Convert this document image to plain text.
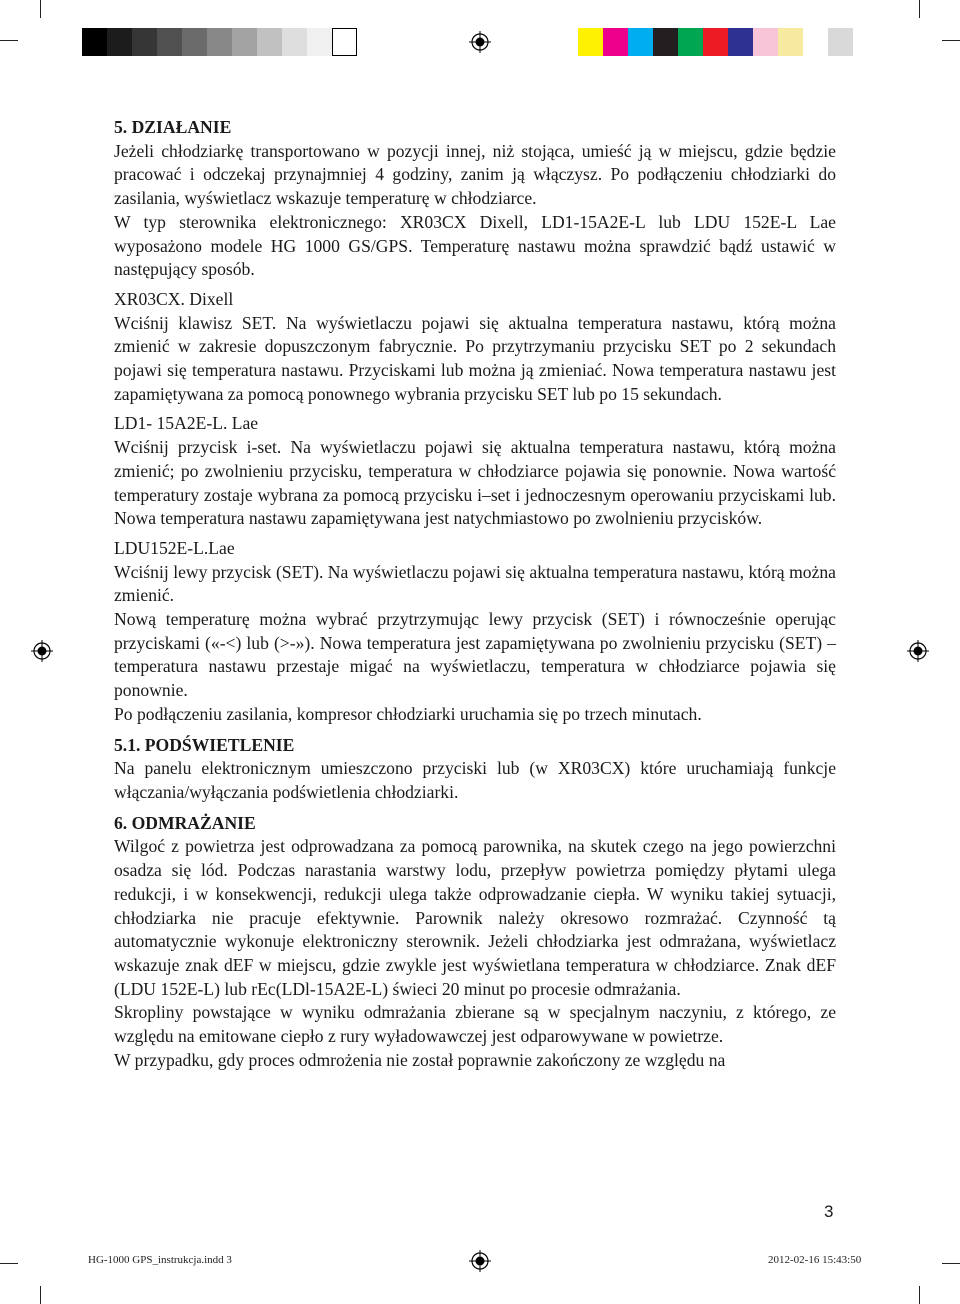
5. DZIAŁANIE

Jeżeli chłodziarkę transportowano w pozycji innej, niż stojąca, umieść ją w miejscu, gdzie będzie pracować i odczekaj przynajmniej 4 godziny, zanim ją włączysz. Po podłączeniu chłodziarki do zasilania, wyświetlacz wskazuje temperaturę w chłodziarce.

W typ sterownika elektronicznego: XR03CX Dixell, LD1-15A2E-L lub LDU 152E-L Lae wyposażono modele HG 1000 GS/GPS. Temperaturę nastawu można sprawdzić bądź ustawić w następujący sposób.

XR03CX. Dixell

Wciśnij klawisz SET. Na wyświetlaczu pojawi się aktualna temperatura nastawu, którą można zmienić w zakresie dopuszczonym fabrycznie. Po przytrzymaniu przycisku SET po 2 sekundach pojawi się temperatura nastawu. Przyciskami lub można ją zmieniać. Nowa temperatura nastawu jest zapamiętywana za pomocą ponownego wybrania przycisku SET lub po 15 sekundach.

LD1- 15A2E-L. Lae

Wciśnij przycisk i-set. Na wyświetlaczu pojawi się aktualna temperatura nastawu, którą można zmienić; po zwolnieniu przycisku, temperatura w chłodziarce pojawia się ponownie. Nowa wartość temperatury zostaje wybrana za pomocą przycisku i–set i jednoczesnym operowaniu przyciskami lub. Nowa temperatura nastawu zapamiętywana jest natychmiastowo po zwolnieniu przycisków.

LDU152E-L.Lae

Wciśnij lewy przycisk (SET). Na wyświetlaczu pojawi się aktualna temperatura nastawu, którą można zmienić.

Nową temperaturę można wybrać przytrzymując lewy przycisk (SET) i równocześnie operując przyciskami («-<) lub (>-»). Nowa temperatura jest zapamiętywana po zwolnieniu przycisku (SET) – temperatura nastawu przestaje migać na wyświetlaczu, temperatura w chłodziarce pojawia się ponownie.

Po podłączeniu zasilania, kompresor chłodziarki uruchamia się po trzech minutach.

5.1. PODŚWIETLENIE

Na panelu elektronicznym umieszczono przyciski lub (w XR03CX) które uruchamiają funkcje włączania/wyłączania podświetlenia chłodziarki.

6. ODMRAŻANIE

Wilgoć z powietrza jest odprowadzana za pomocą parownika, na skutek czego na jego powierzchni osadza się lód. Podczas narastania warstwy lodu, przepływ powietrza pomiędzy płytami ulega redukcji, i w konsekwencji, redukcji ulega także odprowadzanie ciepła. W wyniku takiej sytuacji, chłodziarka nie pracuje efektywnie. Parownik należy okresowo rozmrażać. Czynność tą automatycznie wykonuje elektroniczny sterownik. Jeżeli chłodziarka jest odmrażana, wyświetlacz wskazuje znak dEF w miejscu, gdzie zwykle jest wyświetlana temperatura w chłodziarce. Znak dEF (LDU 152E-L) lub rEc(LDl-15A2E-L) świeci 20 minut po procesie odmrażania.

Skropliny powstające w wyniku odmrażania zbierane są w specjalnym naczyniu, z którego, ze względu na emitowane ciepło z rury wyładowawczej jest odparowywane w powietrze.

W przypadku, gdy proces odmrożenia nie został poprawnie zakończony ze względu na

3
HG-1000 GPS_instrukcja.indd 3	2012-02-16 15:43:50
